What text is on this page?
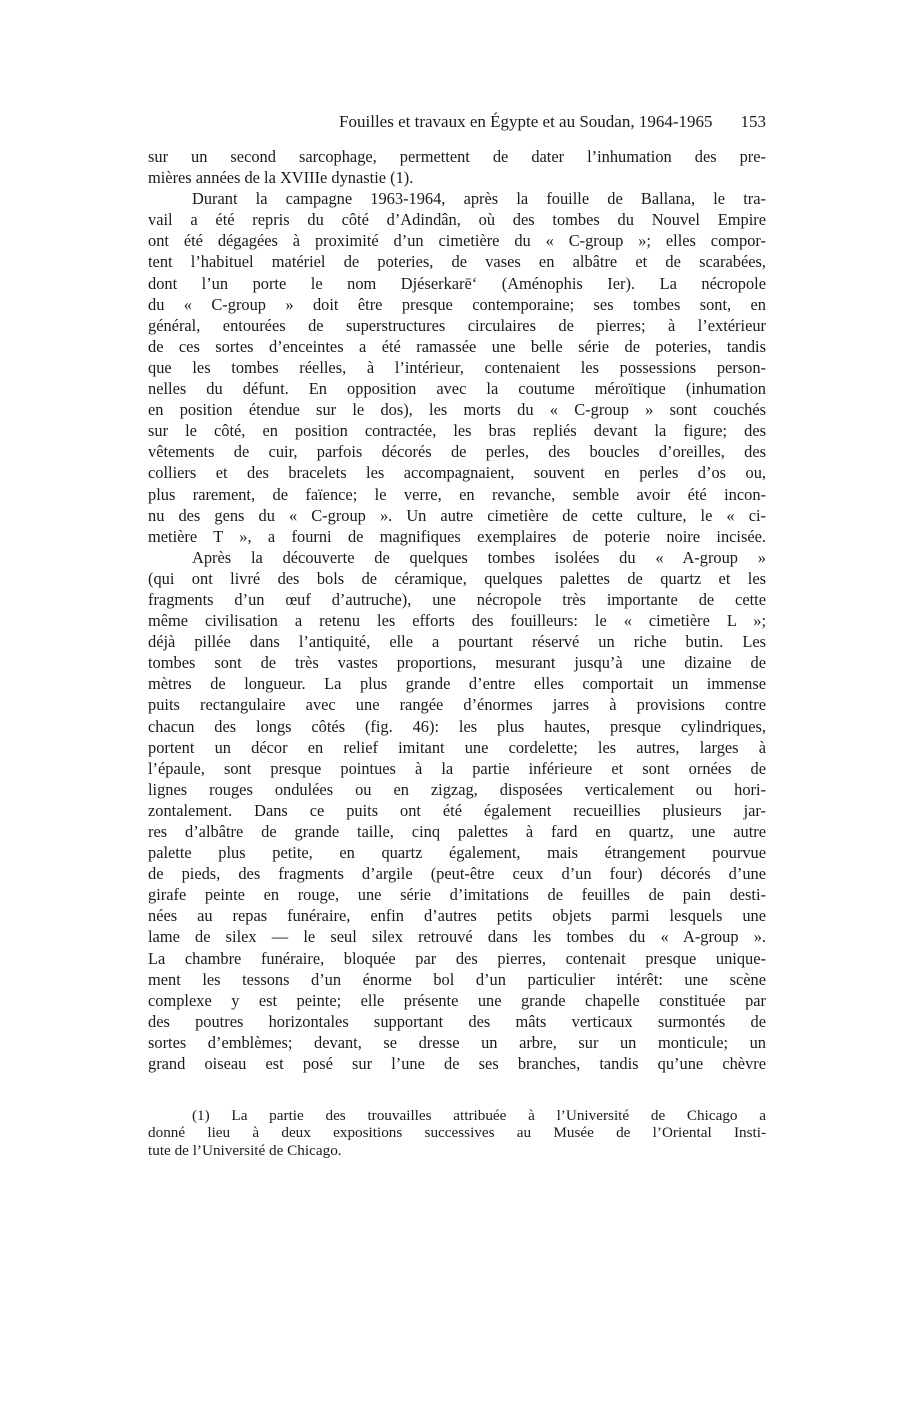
Fouilles et travaux en Égypte et au Soudan, 1964-1965 153
sur un second sarcophage, permettent de dater l’inhumation des pre-
mières années de la XVIIIe dynastie (1).
Durant la campagne 1963-1964, après la fouille de Ballana, le tra-
vail a été repris du côté d’Adindân, où des tombes du Nouvel Empire
ont été dégagées à proximité d’un cimetière du « C-group »; elles compor-
tent l’habituel matériel de poteries, de vases en albâtre et de scarabées,
dont l’un porte le nom Djéserkarē‘ (Aménophis Ier). La nécropole
du « C-group » doit être presque contemporaine; ses tombes sont, en
général, entourées de superstructures circulaires de pierres; à l’extérieur
de ces sortes d’enceintes a été ramassée une belle série de poteries, tandis
que les tombes réelles, à l’intérieur, contenaient les possessions person-
nelles du défunt. En opposition avec la coutume méroïtique (inhumation
en position étendue sur le dos), les morts du « C-group » sont couchés
sur le côté, en position contractée, les bras repliés devant la figure; des
vêtements de cuir, parfois décorés de perles, des boucles d’oreilles, des
colliers et des bracelets les accompagnaient, souvent en perles d’os ou,
plus rarement, de faïence; le verre, en revanche, semble avoir été incon-
nu des gens du « C-group ». Un autre cimetière de cette culture, le « ci-
metière T », a fourni de magnifiques exemplaires de poterie noire incisée.
Après la découverte de quelques tombes isolées du « A-group »
(qui ont livré des bols de céramique, quelques palettes de quartz et les
fragments d’un œuf d’autruche), une nécropole très importante de cette
même civilisation a retenu les efforts des fouilleurs: le « cimetière L »;
déjà pillée dans l’antiquité, elle a pourtant réservé un riche butin. Les
tombes sont de très vastes proportions, mesurant jusqu’à une dizaine de
mètres de longueur. La plus grande d’entre elles comportait un immense
puits rectangulaire avec une rangée d’énormes jarres à provisions contre
chacun des longs côtés (fig. 46): les plus hautes, presque cylindriques,
portent un décor en relief imitant une cordelette; les autres, larges à
l’épaule, sont presque pointues à la partie inférieure et sont ornées de
lignes rouges ondulées ou en zigzag, disposées verticalement ou hori-
zontalement. Dans ce puits ont été également recueillies plusieurs jar-
res d’albâtre de grande taille, cinq palettes à fard en quartz, une autre
palette plus petite, en quartz également, mais étrangement pourvue
de pieds, des fragments d’argile (peut-être ceux d’un four) décorés d’une
girafe peinte en rouge, une série d’imitations de feuilles de pain desti-
nées au repas funéraire, enfin d’autres petits objets parmi lesquels une
lame de silex — le seul silex retrouvé dans les tombes du « A-group ».
La chambre funéraire, bloquée par des pierres, contenait presque unique-
ment les tessons d’un énorme bol d’un particulier intérêt: une scène
complexe y est peinte; elle présente une grande chapelle constituée par
des poutres horizontales supportant des mâts verticaux surmontés de
sortes d’emblèmes; devant, se dresse un arbre, sur un monticule; un
grand oiseau est posé sur l’une de ses branches, tandis qu’une chèvre
(1) La partie des trouvailles attribuée à l’Université de Chicago a
donné lieu à deux expositions successives au Musée de l’Oriental Insti-
tute de l’Université de Chicago.
